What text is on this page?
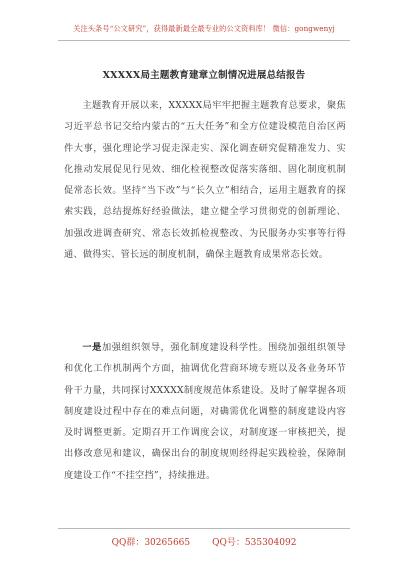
关注头条号“公文研究”，获得最新最全最专业的公文资料库！ 微信：gongwenyj
XXXXX局主题教育建章立制情况进展总结报告

主题教育开展以来，XXXXX局牢牢把握主题教育总要求，聚焦习近平总书记交给内蒙古的“五大任务”和全方位建设模范自治区两件大事，强化理论学习促走深走实、深化调查研究促精准发力、实化推动发展促见行见效、细化检视整改促落实落细、固化制度机制促常态长效。坚持“当下改”与“长久立”相结合，运用主题教育的探索实践，总结提炼好经验做法，建立健全学习贯彻党的创新理论、加强改进调查研究、常态长效抓检视整改、为民服务办实事等行得通、做得实、管长远的制度机制，确保主题教育成果常态长效。

一是加强组织领导，强化制度建设科学性。围绕加强组织领导和优化工作机制两个方面，抽调优化营商环境专班以及各业务环节骨干力量，共同探讨XXXXX制度规范体系建设。及时了解掌握各项制度建设过程中存在的难点问题，对确需优化调整的制度建设内容及时调整更新。定期召开工作调度会议，对制度逐一审核把关，提出修改意见和建议，确保出台的制度规则经得起实践检验，保障制度建设工作“不挂空挡”，持续推进。

QQ群：30265665 QQ号：535304092
